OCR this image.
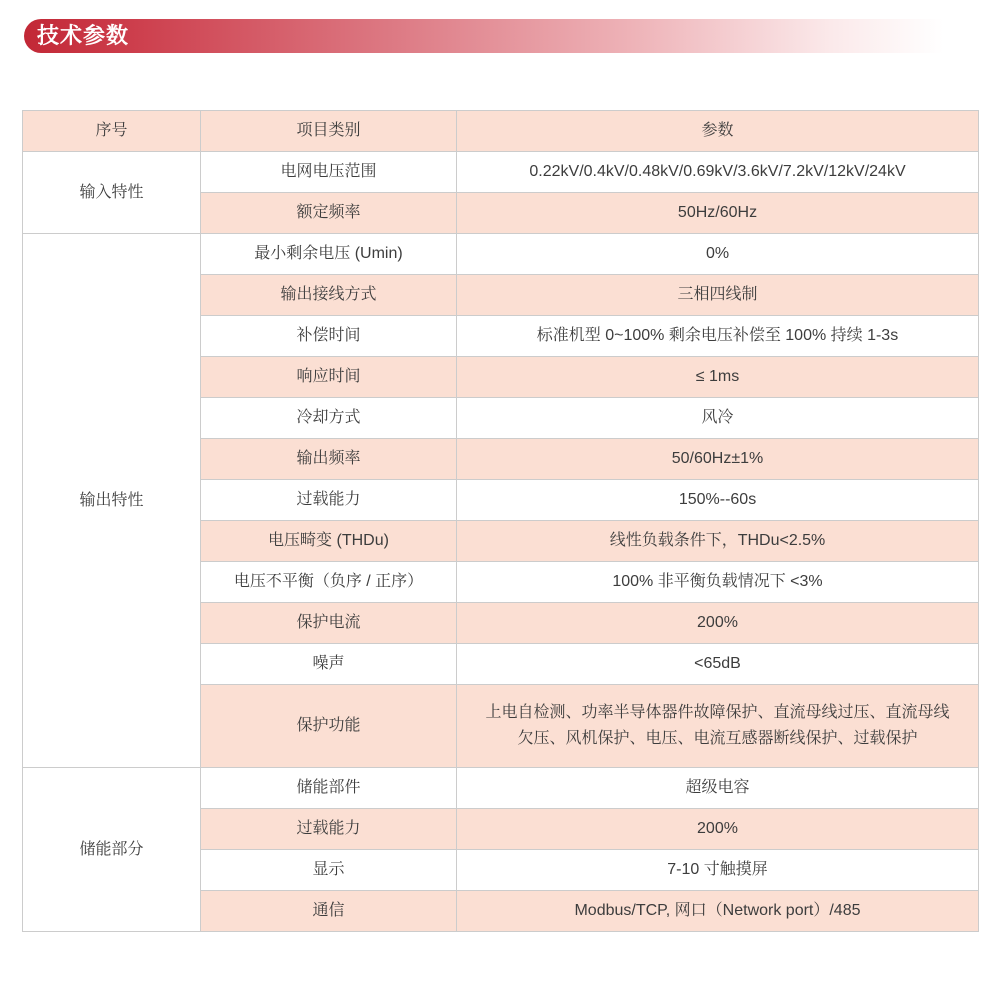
技术参数
序号	项目类别	参数
输入特性	电网电压范围	0.22kV/0.4kV/0.48kV/0.69kV/3.6kV/7.2kV/12kV/24kV
	额定频率	50Hz/60Hz
输出特性	最小剩余电压 (Umin)	0%
	输出接线方式	三相四线制
	补偿时间	标准机型 0~100% 剩余电压补偿至 100% 持续 1-3s
	响应时间	≤ 1ms
	冷却方式	风冷
	输出频率	50/60Hz±1%
	过载能力	150%--60s
	电压畸变 (THDu)	线性负载条件下，THDu<2.5%
	电压不平衡（负序 / 正序）	100% 非平衡负载情况下 <3%
	保护电流	200%
	噪声	<65dB
	保护功能	上电自检测、功率半导体器件故障保护、直流母线过压、直流母线欠压、风机保护、电压、电流互感器断线保护、过载保护
储能部分	储能部件	超级电容
	过载能力	200%
	显示	7-10 寸触摸屏
	通信	Modbus/TCP, 网口（Network port）/485
